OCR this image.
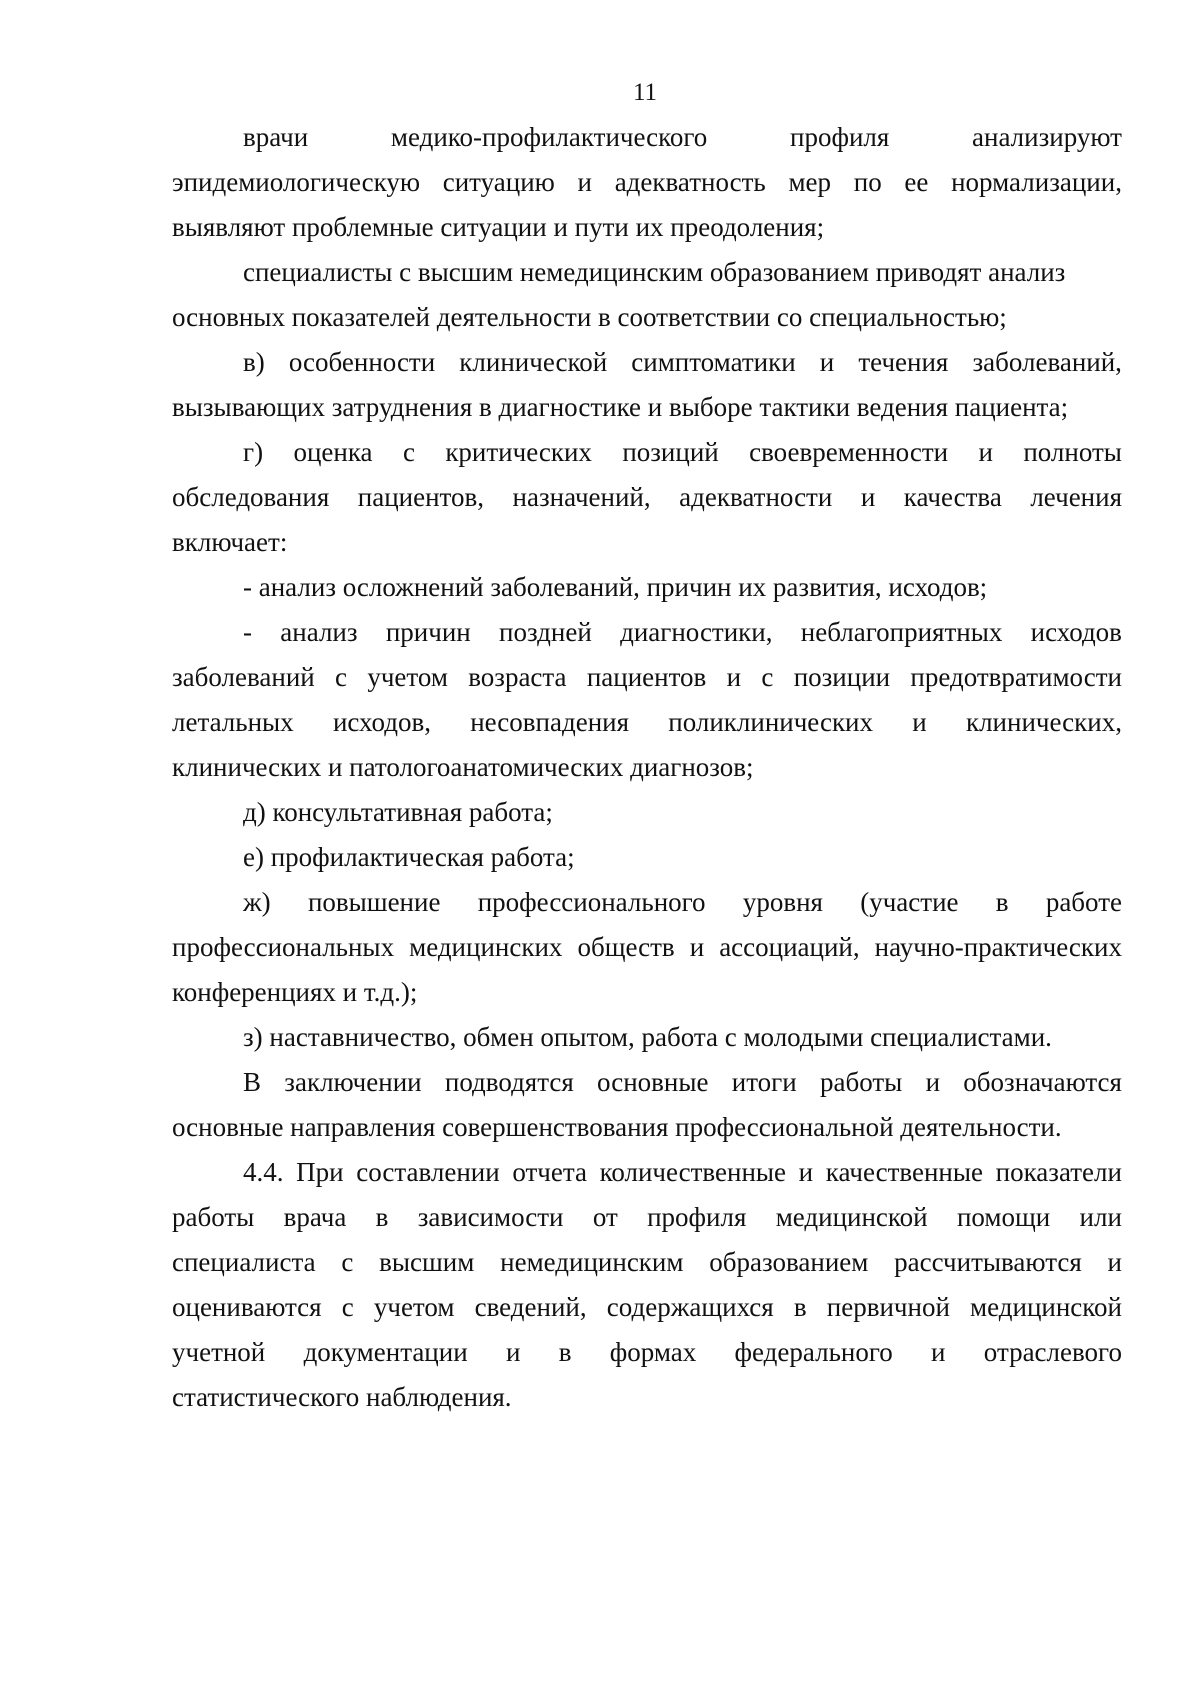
11
врачи	медико-профилактического	профиля	анализируют
эпидемиологическую ситуацию и адекватность мер по ее нормализации,
выявляют проблемные ситуации и пути их преодоления;
специалисты с высшим немедицинским образованием приводят анализ
основных показателей деятельности в соответствии со специальностью;
в) особенности клинической симптоматики и течения заболеваний,
вызывающих затруднения в диагностике и выборе тактики ведения пациента;
г) оценка с критических позиций своевременности и полноты
обследования пациентов, назначений, адекватности и качества лечения
включает:
- анализ осложнений заболеваний, причин их развития, исходов;
- анализ причин поздней диагностики, неблагоприятных исходов
заболеваний с учетом возраста пациентов и с позиции предотвратимости
летальных исходов, несовпадения поликлинических и клинических,
клинических и патологоанатомических диагнозов;
д) консультативная работа;
е) профилактическая работа;
ж) повышение профессионального уровня (участие в работе
профессиональных медицинских обществ и ассоциаций, научно-практических
конференциях и т.д.);
з) наставничество, обмен опытом, работа с молодыми специалистами.
В заключении подводятся основные итоги работы и обозначаются
основные направления совершенствования профессиональной деятельности.
4.4. При составлении отчета количественные и качественные показатели
работы врача в зависимости от профиля медицинской помощи или
специалиста с высшим немедицинским образованием рассчитываются и
оцениваются с учетом сведений, содержащихся в первичной медицинской
учетной документации и в формах федерального и отраслевого
статистического наблюдения.
